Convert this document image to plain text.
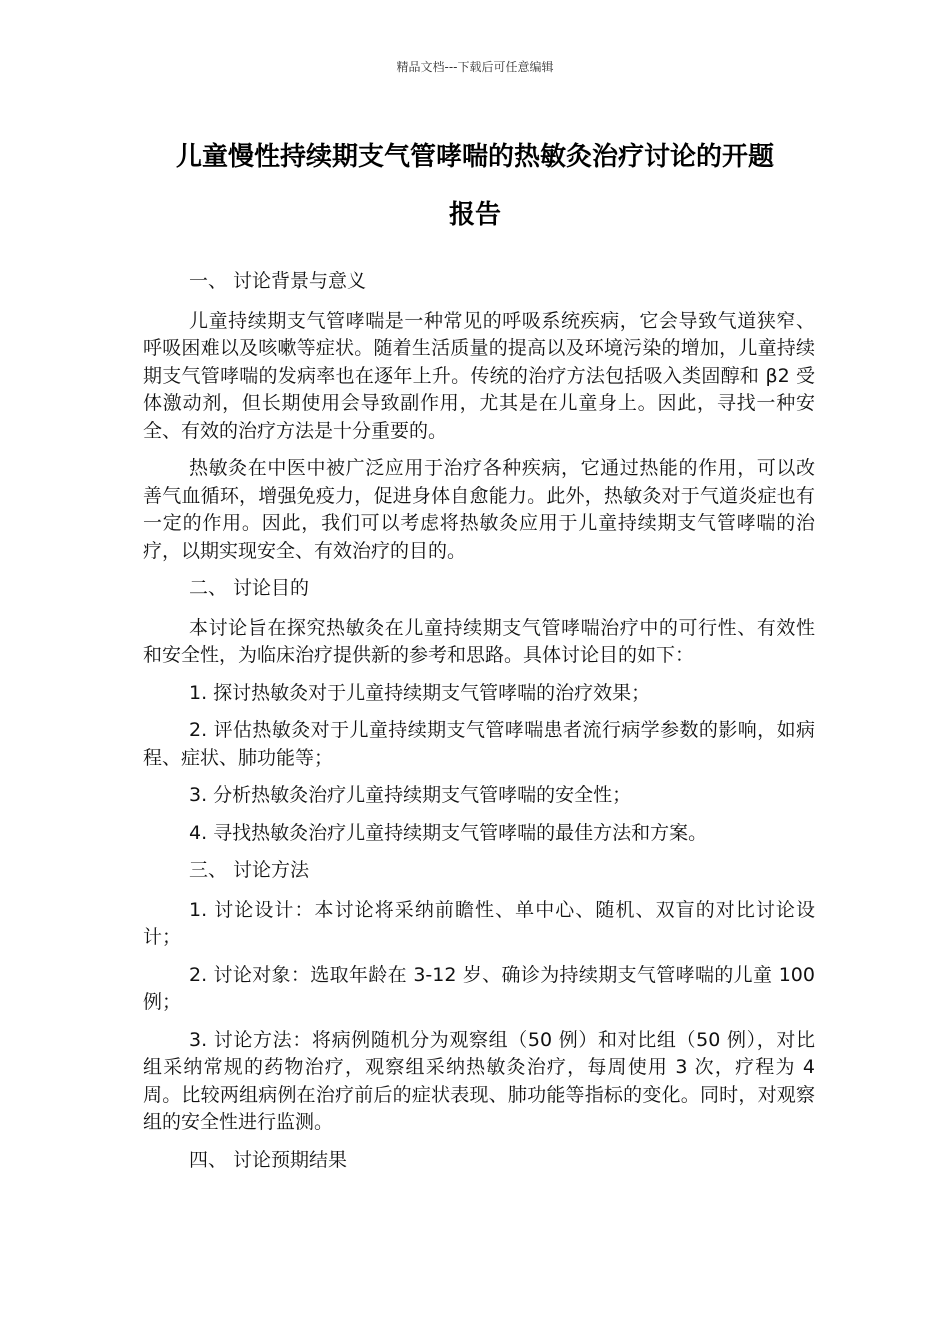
精品文档---下载后可任意编辑
儿童慢性持续期支气管哮喘的热敏灸治疗讨论的开题
报告

一、 讨论背景与意义

儿童持续期支气管哮喘是一种常见的呼吸系统疾病，它会导致气道狭窄、呼吸困难以及咳嗽等症状。随着生活质量的提高以及环境污染的增加，儿童持续期支气管哮喘的发病率也在逐年上升。传统的治疗方法包括吸入类固醇和 β2 受体激动剂，但长期使用会导致副作用，尤其是在儿童身上。因此，寻找一种安全、有效的治疗方法是十分重要的。

热敏灸在中医中被广泛应用于治疗各种疾病，它通过热能的作用，可以改善气血循环，增强免疫力，促进身体自愈能力。此外，热敏灸对于气道炎症也有一定的作用。因此，我们可以考虑将热敏灸应用于儿童持续期支气管哮喘的治疗，以期实现安全、有效治疗的目的。

二、 讨论目的

本讨论旨在探究热敏灸在儿童持续期支气管哮喘治疗中的可行性、有效性和安全性，为临床治疗提供新的参考和思路。具体讨论目的如下：

1. 探讨热敏灸对于儿童持续期支气管哮喘的治疗效果；

2. 评估热敏灸对于儿童持续期支气管哮喘患者流行病学参数的影响，如病程、症状、肺功能等；

3. 分析热敏灸治疗儿童持续期支气管哮喘的安全性；

4. 寻找热敏灸治疗儿童持续期支气管哮喘的最佳方法和方案。

三、 讨论方法

1. 讨论设计：本讨论将采纳前瞻性、单中心、随机、双盲的对比讨论设计；

2. 讨论对象：选取年龄在 3-12 岁、确诊为持续期支气管哮喘的儿童 100 例；

3. 讨论方法：将病例随机分为观察组（50 例）和对比组（50 例），对比组采纳常规的药物治疗，观察组采纳热敏灸治疗，每周使用 3 次，疗程为 4 周。比较两组病例在治疗前后的症状表现、肺功能等指标的变化。同时，对观察组的安全性进行监测。

四、 讨论预期结果
